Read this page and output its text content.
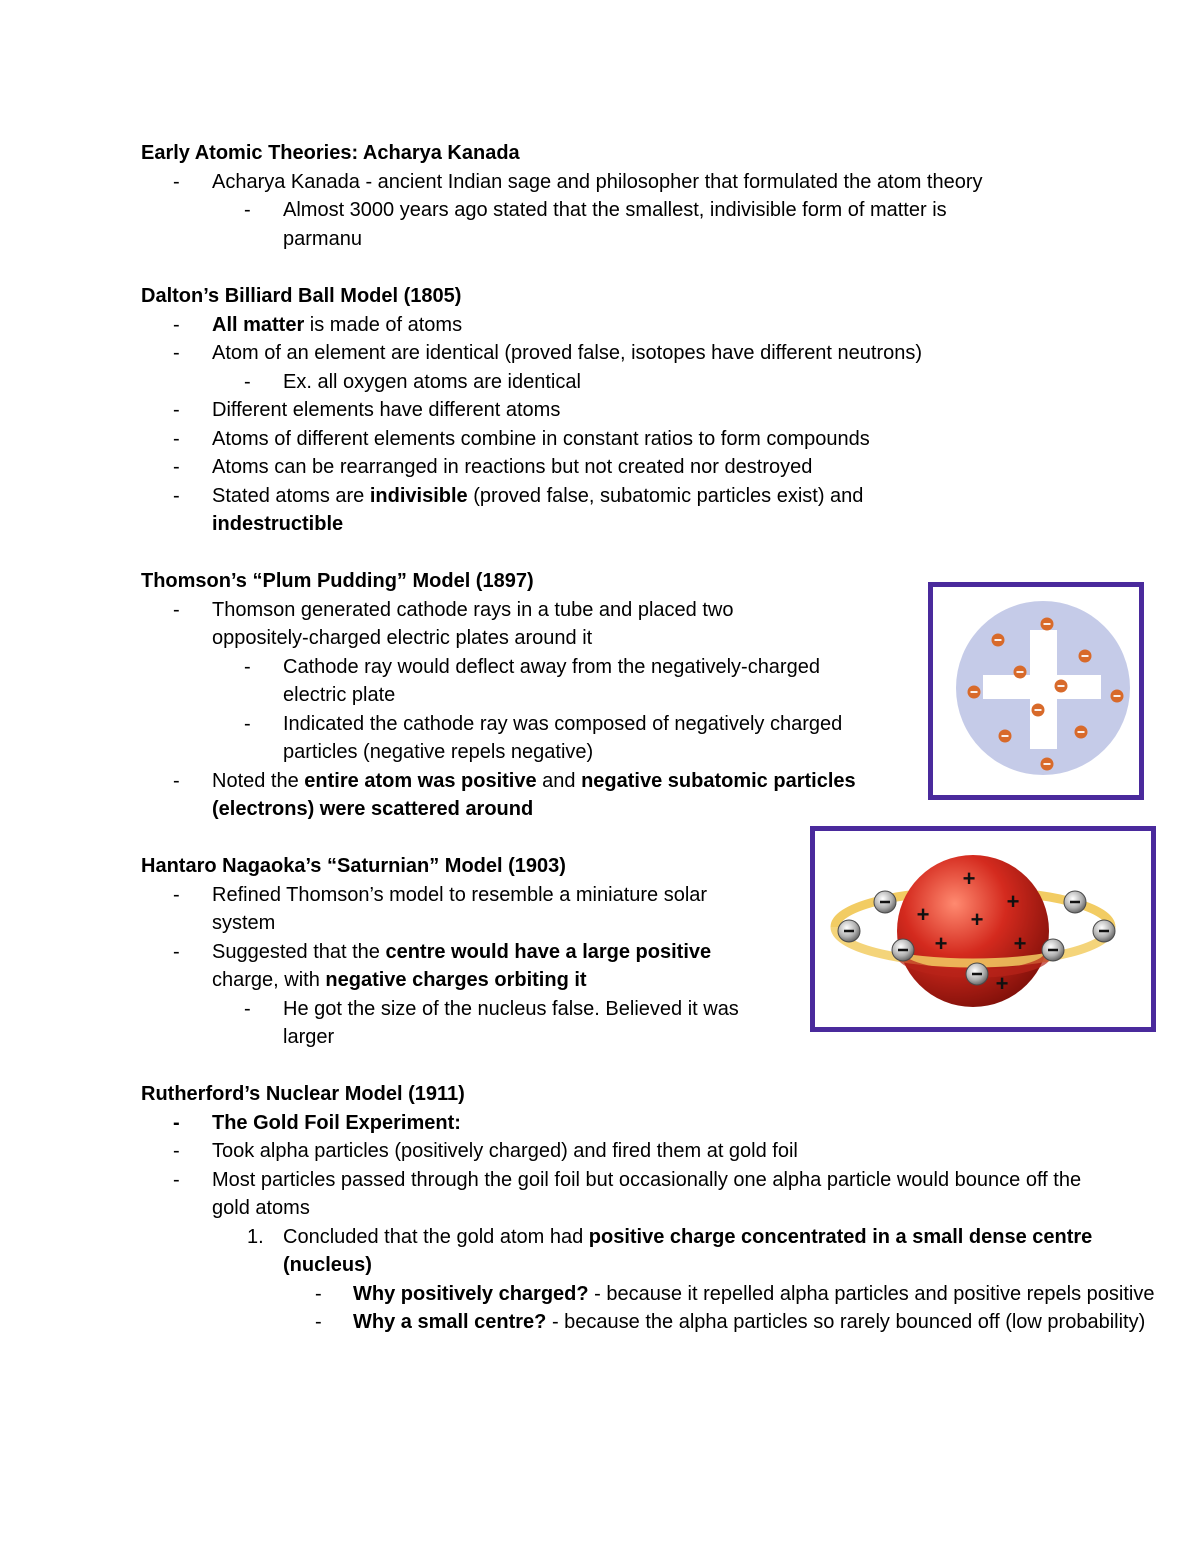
Early Atomic Theories: Acharya Kanada

- Acharya Kanada - ancient Indian sage and philosopher that formulated the atom theory
- Almost 3000 years ago stated that the smallest, indivisible form of matter is parmanu

Dalton’s Billiard Ball Model (1805)

- All matter is made of atoms
- Atom of an element are identical (proved false, isotopes have different neutrons)
- Ex. all oxygen atoms are identical
- Different elements have different atoms
- Atoms of different elements combine in constant ratios to form compounds
- Atoms can be rearranged in reactions but not created nor destroyed
- Stated atoms are indivisible (proved false, subatomic particles exist) and indestructible

Thomson’s “Plum Pudding” Model (1897)

- Thomson generated cathode rays in a tube and placed two oppositely-charged electric plates around it
- Cathode ray would deflect away from the negatively-charged electric plate
- Indicated the cathode ray was composed of negatively charged particles (negative repels negative)
- Noted the entire atom was positive and negative subatomic particles (electrons) were scattered around

Hantaro Nagaoka’s “Saturnian” Model (1903)

- Refined Thomson’s model to resemble a miniature solar system
- Suggested that the centre would have a large positive charge, with negative charges orbiting it
- He got the size of the nucleus false. Believed it was larger

Rutherford’s Nuclear Model (1911)

- The Gold Foil Experiment:
- Took alpha particles (positively charged) and fired them at gold foil
- Most particles passed through the goil foil but occasionally one alpha particle would bounce off the gold atoms
1. Concluded that the gold atom had positive charge concentrated in a small dense centre (nucleus)
- Why positively charged? - because it repelled alpha particles and positive repels positive
- Why a small centre? - because the alpha particles so rarely bounced off (low probability)
+
+
+ +
+	+
+
